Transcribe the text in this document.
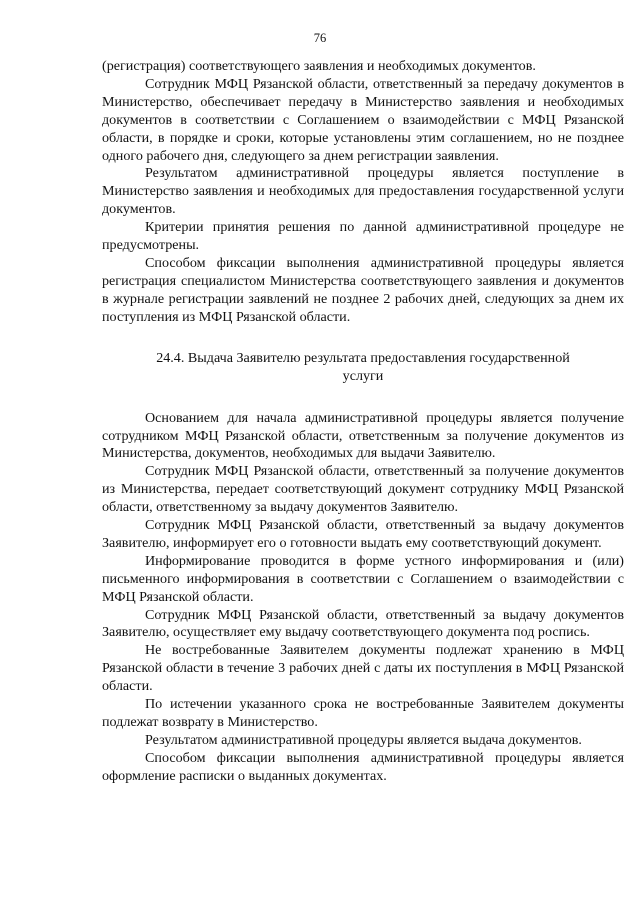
76

(регистрация) соответствующего заявления и необходимых документов.

Сотрудник МФЦ Рязанской области, ответственный за передачу документов в Министерство, обеспечивает передачу в Министерство заявления и необходимых документов в соответствии с Соглашением о взаимодействии с МФЦ Рязанской области, в порядке и сроки, которые установлены этим соглашением, но не позднее одного рабочего дня, следующего за днем регистрации заявления.

Результатом административной процедуры является поступление в Министерство заявления и необходимых для предоставления государственной услуги документов.

Критерии принятия решения по данной административной процедуре не предусмотрены.

Способом фиксации выполнения административной процедуры является регистрация специалистом Министерства соответствующего заявления и документов в журнале регистрации заявлений не позднее 2 рабочих дней, следующих за днем их поступления из МФЦ Рязанской области.

24.4. Выдача Заявителю результата предоставления государственной
услуги

Основанием для начала административной процедуры является получение сотрудником МФЦ Рязанской области, ответственным за получение документов из Министерства, документов, необходимых для выдачи Заявителю.

Сотрудник МФЦ Рязанской области, ответственный за получение документов из Министерства, передает соответствующий документ сотруднику МФЦ Рязанской области, ответственному за выдачу документов Заявителю.

Сотрудник МФЦ Рязанской области, ответственный за выдачу документов Заявителю, информирует его о готовности выдать ему соответствующий документ.

Информирование проводится в форме устного информирования и (или) письменного информирования в соответствии с Соглашением о взаимодействии с МФЦ Рязанской области.

Сотрудник МФЦ Рязанской области, ответственный за выдачу документов Заявителю, осуществляет ему выдачу соответствующего документа под роспись.

Не востребованные Заявителем документы подлежат хранению в МФЦ Рязанской области в течение 3 рабочих дней с даты их поступления в МФЦ Рязанской области.

По истечении указанного срока не востребованные Заявителем документы подлежат возврату в Министерство.

Результатом административной процедуры является выдача документов.

Способом фиксации выполнения административной процедуры является оформление расписки о выданных документах.
